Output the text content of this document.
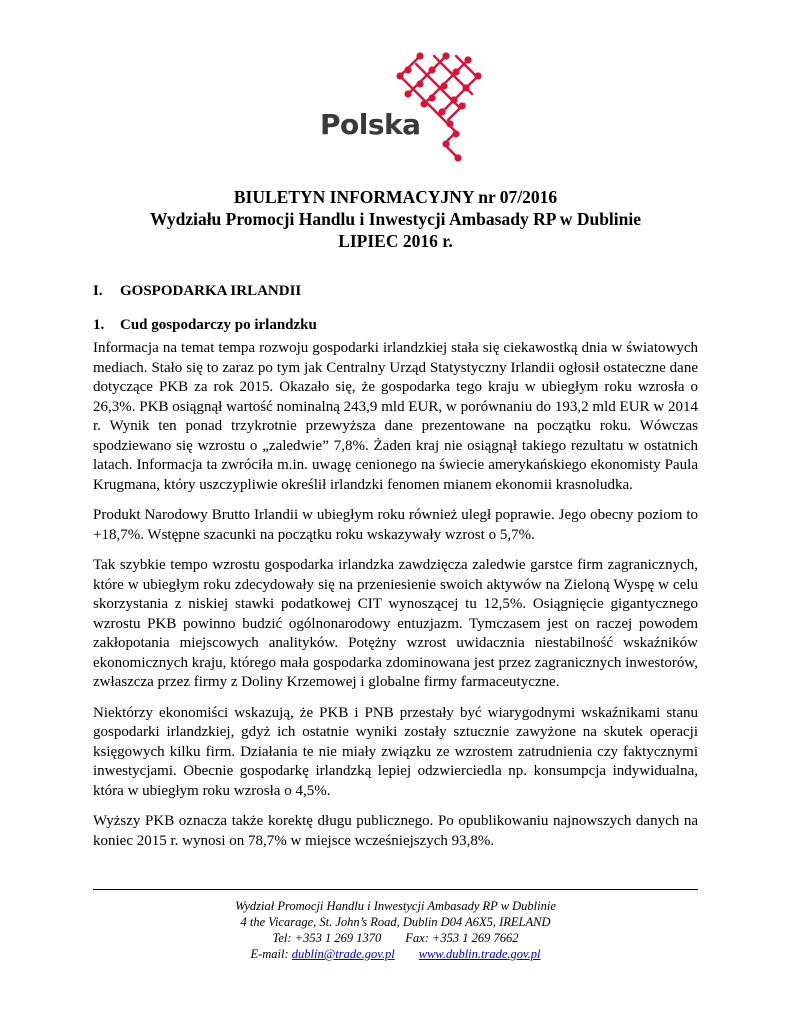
Polska
BIULETYN INFORMACYJNY nr 07/2016
Wydziału Promocji Handlu i Inwestycji Ambasady RP w Dublinie
LIPIEC 2016 r.
I. GOSPODARKA IRLANDII
1. Cud gospodarczy po irlandzku

Informacja na temat tempa rozwoju gospodarki irlandzkiej stała się ciekawostką dnia w światowych mediach. Stało się to zaraz po tym jak Centralny Urząd Statystyczny Irlandii ogłosił ostateczne dane dotyczące PKB za rok 2015. Okazało się, że gospodarka tego kraju w ubiegłym roku wzrosła o 26,3%. PKB osiągnął wartość nominalną 243,9 mld EUR, w porównaniu do 193,2 mld EUR w 2014 r. Wynik ten ponad trzykrotnie przewyższa dane prezentowane na początku roku. Wówczas spodziewano się wzrostu o „zaledwie” 7,8%. Żaden kraj nie osiągnął takiego rezultatu w ostatnich latach. Informacja ta zwróciła m.in. uwagę cenionego na świecie amerykańskiego ekonomisty Paula Krugmana, który uszczypliwie określił irlandzki fenomen mianem ekonomii krasnoludka.

Produkt Narodowy Brutto Irlandii w ubiegłym roku również uległ poprawie. Jego obecny poziom to +18,7%. Wstępne szacunki na początku roku wskazywały wzrost o 5,7%.

Tak szybkie tempo wzrostu gospodarka irlandzka zawdzięcza zaledwie garstce firm zagranicznych, które w ubiegłym roku zdecydowały się na przeniesienie swoich aktywów na Zieloną Wyspę w celu skorzystania z niskiej stawki podatkowej CIT wynoszącej tu 12,5%. Osiągnięcie gigantycznego wzrostu PKB powinno budzić ogólnonarodowy entuzjazm. Tymczasem jest on raczej powodem zakłopotania miejscowych analityków. Potężny wzrost uwidacznia niestabilność wskaźników ekonomicznych kraju, którego mała gospodarka zdominowana jest przez zagranicznych inwestorów, zwłaszcza przez firmy z Doliny Krzemowej i globalne firmy farmaceutyczne.

Niektórzy ekonomiści wskazują, że PKB i PNB przestały być wiarygodnymi wskaźnikami stanu gospodarki irlandzkiej, gdyż ich ostatnie wyniki zostały sztucznie zawyżone na skutek operacji księgowych kilku firm. Działania te nie miały związku ze wzrostem zatrudnienia czy faktycznymi inwestycjami. Obecnie gospodarkę irlandzką lepiej odzwierciedla np. konsumpcja indywidualna, która w ubiegłym roku wzrosła o 4,5%.

Wyższy PKB oznacza także korektę długu publicznego. Po opublikowaniu najnowszych danych na koniec 2015 r. wynosi on 78,7% w miejsce wcześniejszych 93,8%.

Wydział Promocji Handlu i Inwestycji Ambasady RP w Dublinie
4 the Vicarage, St. John’s Road, Dublin D04 A6X5, IRELAND
Tel: +353 1 269 1370 Fax: +353 1 269 7662
E-mail: dublin@trade.gov.pl www.dublin.trade.gov.pl
